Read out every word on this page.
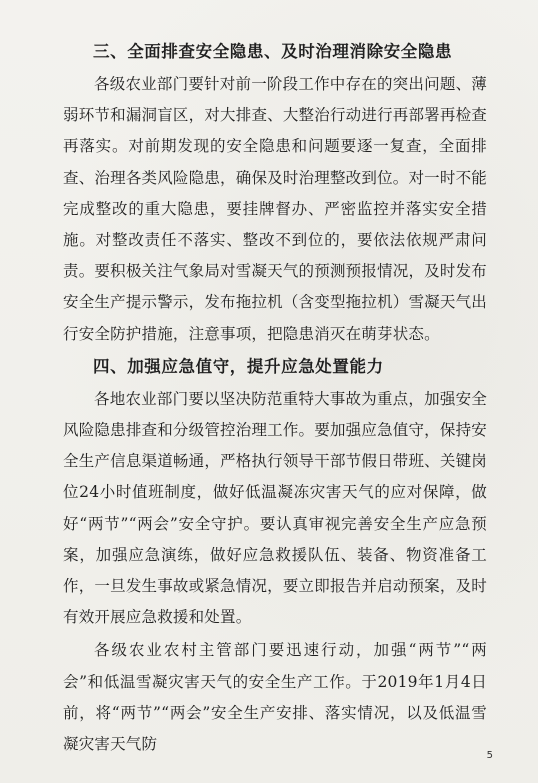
三、全面排查安全隐患、及时治理消除安全隐患

各级农业部门要针对前一阶段工作中存在的突出问题、薄弱环节和漏洞盲区，对大排查、大整治行动进行再部署再检查再落实。对前期发现的安全隐患和问题要逐一复查，全面排查、治理各类风险隐患，确保及时治理整改到位。对一时不能完成整改的重大隐患，要挂牌督办、严密监控并落实安全措施。对整改责任不落实、整改不到位的，要依法依规严肃问责。要积极关注气象局对雪凝天气的预测预报情况，及时发布安全生产提示警示，发布拖拉机（含变型拖拉机）雪凝天气出行安全防护措施，注意事项，把隐患消灭在萌芽状态。

四、加强应急值守，提升应急处置能力

各地农业部门要以坚决防范重特大事故为重点，加强安全风险隐患排查和分级管控治理工作。要加强应急值守，保持安全生产信息渠道畅通，严格执行领导干部节假日带班、关键岗位24小时值班制度，做好低温凝冻灾害天气的应对保障，做好“两节”“两会”安全守护。要认真审视完善安全生产应急预案，加强应急演练，做好应急救援队伍、装备、物资准备工作，一旦发生事故或紧急情况，要立即报告并启动预案，及时有效开展应急救援和处置。

各级农业农村主管部门要迅速行动，加强“两节”“两会”和低温雪凝灾害天气的安全生产工作。于2019年1月4日前，将“两节”“两会”安全生产安排、落实情况，以及低温雪凝灾害天气防

5
